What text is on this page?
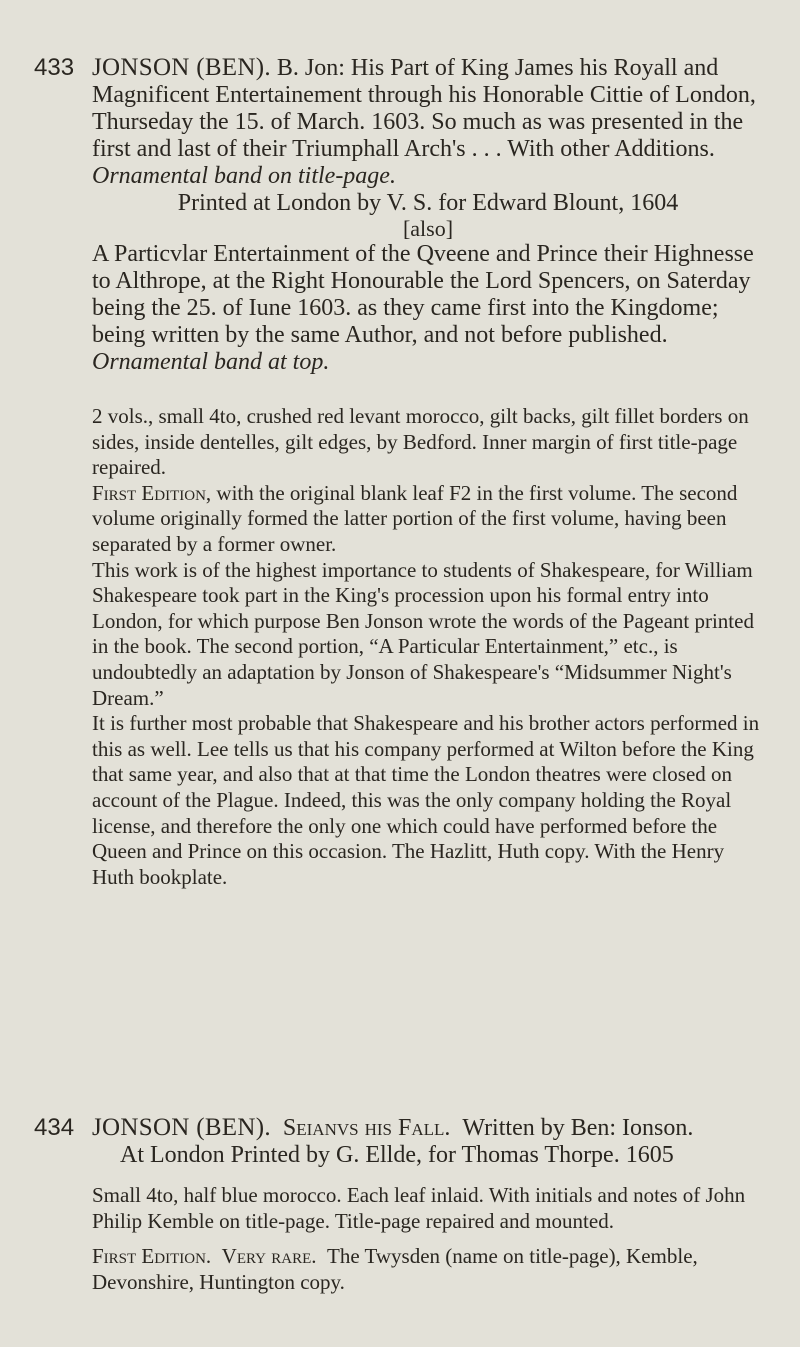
433 JONSON (BEN). B. Jon: His Part of King James his Royall and Magnificent Entertainement through his Honorable Cittie of London, Thurseday the 15. of March. 1603. So much as was presented in the first and last of their Triumphall Arch's . . . With other Additions.
Ornamental band on title-page.

Printed at London by V. S. for Edward Blount, 1604

[also]

A Particvlar Entertainment of the Qveene and Prince their Highnesse to Althrope, at the Right Honourable the Lord Spencers, on Saterday being the 25. of Iune 1603. as they came first into the Kingdome; being written by the same Author, and not before published.
Ornamental band at top.

2 vols., small 4to, crushed red levant morocco, gilt backs, gilt fillet borders on sides, inside dentelles, gilt edges, by Bedford. Inner margin of first title-page repaired.

First Edition, with the original blank leaf F2 in the first volume. The second volume originally formed the latter portion of the first volume, having been separated by a former owner.

This work is of the highest importance to students of Shakespeare, for William Shakespeare took part in the King's procession upon his formal entry into London, for which purpose Ben Jonson wrote the words of the Pageant printed in the book. The second portion, “A Particular Entertainment,” etc., is undoubtedly an adaptation by Jonson of Shakespeare's “Midsummer Night's Dream.”

It is further most probable that Shakespeare and his brother actors performed in this as well. Lee tells us that his company performed at Wilton before the King that same year, and also that at that time the London theatres were closed on account of the Plague. Indeed, this was the only company holding the Royal license, and therefore the only one which could have performed before the Queen and Prince on this occasion. The Hazlitt, Huth copy. With the Henry Huth bookplate.

434 JONSON (BEN). Seianvs his Fall. Written by Ben: Ionson.

At London Printed by G. Ellde, for Thomas Thorpe. 1605

Small 4to, half blue morocco. Each leaf inlaid. With initials and notes of John Philip Kemble on title-page. Title-page repaired and mounted.

First Edition. Very rare. The Twysden (name on title-page), Kemble, Devonshire, Huntington copy.
